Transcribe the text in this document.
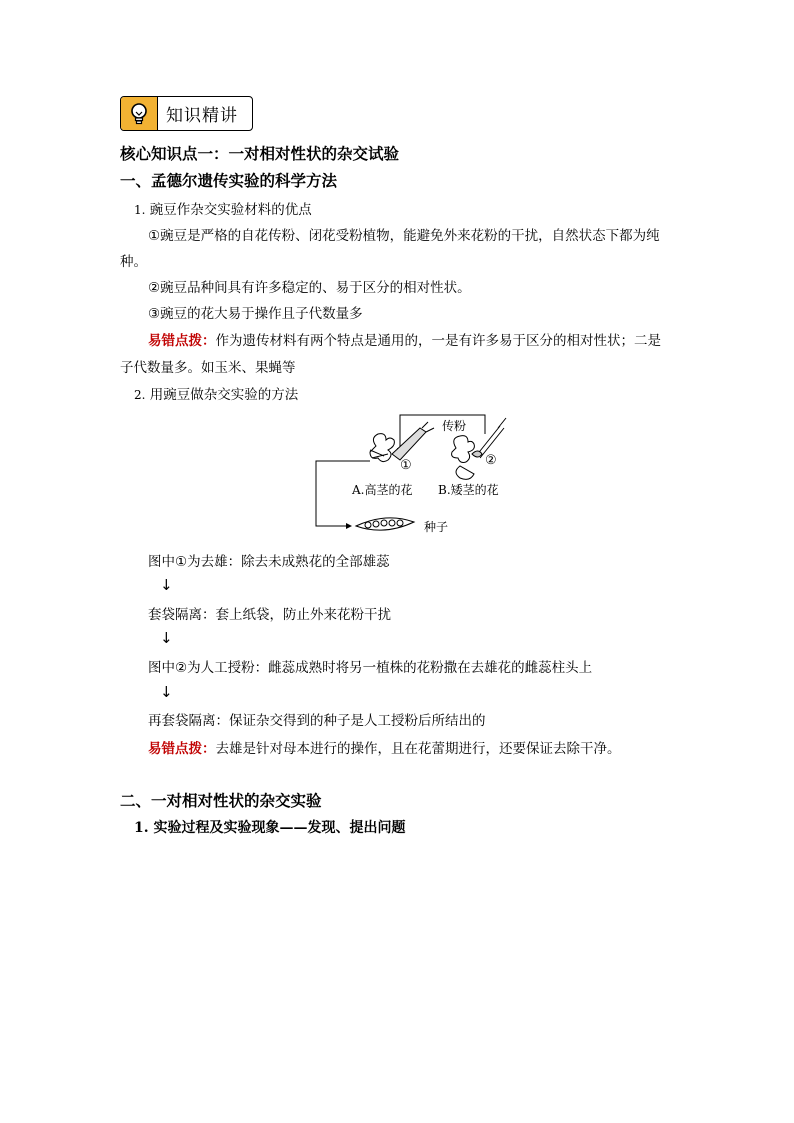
知识精讲
核心知识点一：一对相对性状的杂交试验
一、孟德尔遗传实验的科学方法
1. 豌豆作杂交实验材料的优点
①豌豆是严格的自花传粉、闭花受粉植物，能避免外来花粉的干扰，自然状态下都为纯
种。
②豌豆品种间具有许多稳定的、易于区分的相对性状。
③豌豆的花大易于操作且子代数量多
易错点拨：作为遗传材料有两个特点是通用的，一是有许多易于区分的相对性状；二是
子代数量多。如玉米、果蝇等
2. 用豌豆做杂交实验的方法
传粉
①	②
A.高茎的花 B.矮茎的花
种子
图中①为去雄：除去未成熟花的全部雄蕊
↓
套袋隔离：套上纸袋，防止外来花粉干扰
↓
图中②为人工授粉：雌蕊成熟时将另一植株的花粉撒在去雄花的雌蕊柱头上
↓
再套袋隔离：保证杂交得到的种子是人工授粉后所结出的
易错点拨：去雄是针对母本进行的操作，且在花蕾期进行，还要保证去除干净。
二、一对相对性状的杂交实验
1. 实验过程及实验现象——发现、提出问题
